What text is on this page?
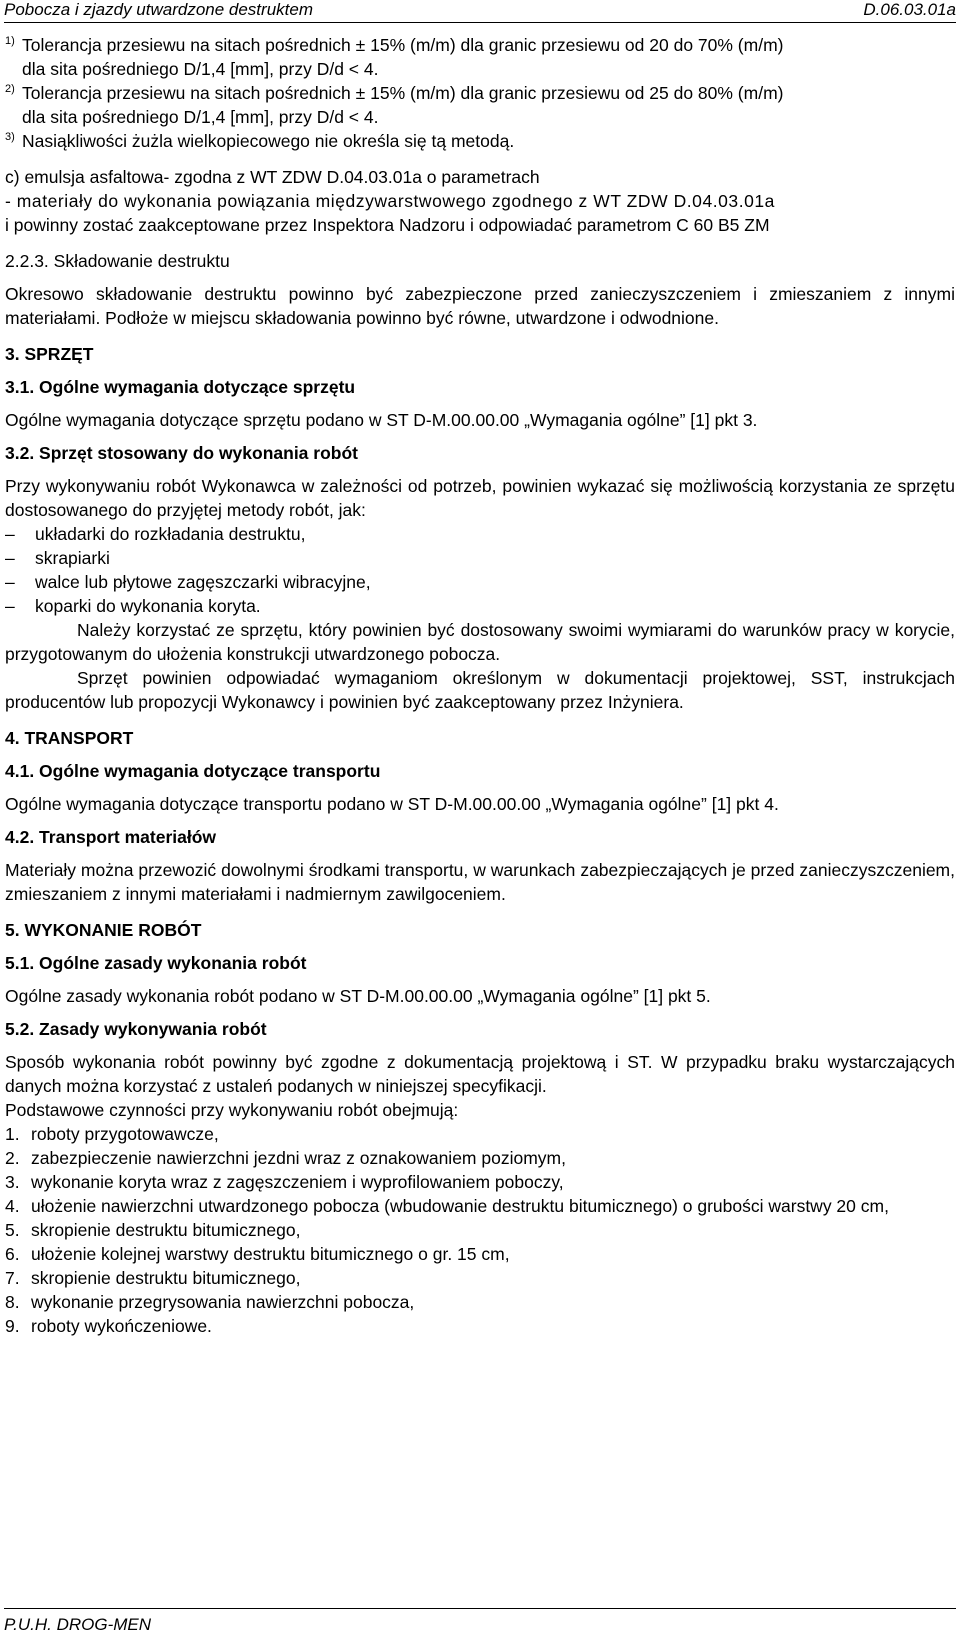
Pobocza i zjazdy utwardzone destruktem	D.06.03.01a
1) Tolerancja przesiewu na sitach pośrednich ± 15% (m/m) dla granic przesiewu od 20 do 70% (m/m)
dla sita pośredniego D/1,4 [mm], przy D/d < 4.
2) Tolerancja przesiewu na sitach pośrednich ± 15% (m/m) dla granic przesiewu od 25 do 80% (m/m)
dla sita pośredniego D/1,4 [mm], przy D/d < 4.
3) Nasiąkliwości żużla wielkopiecowego nie określa się tą metodą.

c) emulsja asfaltowa- zgodna z WT ZDW D.04.03.01a o parametrach

- materiały do wykonania powiązania międzywarstwowego zgodnego z WT ZDW D.04.03.01a

i powinny zostać zaakceptowane przez Inspektora Nadzoru i odpowiadać parametrom C 60 B5 ZM

2.2.3. Składowanie destruktu

Okresowo składowanie destruktu powinno być zabezpieczone przed zanieczyszczeniem i zmieszaniem z innymi materiałami. Podłoże w miejscu składowania powinno być równe, utwardzone i odwodnione.

3. SPRZĘT

3.1. Ogólne wymagania dotyczące sprzętu

Ogólne wymagania dotyczące sprzętu podano w ST D-M.00.00.00 „Wymagania ogólne” [1] pkt 3.

3.2. Sprzęt stosowany do wykonania robót

Przy wykonywaniu robót Wykonawca w zależności od potrzeb, powinien wykazać się możliwością korzystania ze sprzętu dostosowanego do przyjętej metody robót, jak:

– układarki do rozkładania destruktu,
– skrapiarki
– walce lub płytowe zagęszczarki wibracyjne,
– koparki do wykonania koryta.

Należy korzystać ze sprzętu, który powinien być dostosowany swoimi wymiarami do warunków pracy w korycie, przygotowanym do ułożenia konstrukcji utwardzonego pobocza.

Sprzęt powinien odpowiadać wymaganiom określonym w dokumentacji projektowej, SST, instrukcjach producentów lub propozycji Wykonawcy i powinien być zaakceptowany przez Inżyniera.

4. TRANSPORT

4.1. Ogólne wymagania dotyczące transportu

Ogólne wymagania dotyczące transportu podano w ST D-M.00.00.00 „Wymagania ogólne” [1] pkt 4.

4.2. Transport materiałów

Materiały można przewozić dowolnymi środkami transportu, w warunkach zabezpieczających je przed zanieczyszczeniem, zmieszaniem z innymi materiałami i nadmiernym zawilgoceniem.

5. WYKONANIE ROBÓT

5.1. Ogólne zasady wykonania robót

Ogólne zasady wykonania robót podano w ST D-M.00.00.00 „Wymagania ogólne” [1] pkt 5.

5.2. Zasady wykonywania robót

Sposób wykonania robót powinny być zgodne z dokumentacją projektową i ST. W przypadku braku wystarczających danych można korzystać z ustaleń podanych w niniejszej specyfikacji.

Podstawowe czynności przy wykonywaniu robót obejmują:

1. roboty przygotowawcze,
2. zabezpieczenie nawierzchni jezdni wraz z oznakowaniem poziomym,
3. wykonanie koryta wraz z zagęszczeniem i wyprofilowaniem poboczy,
4. ułożenie nawierzchni utwardzonego pobocza (wbudowanie destruktu bitumicznego) o grubości warstwy 20 cm,
5. skropienie destruktu bitumicznego,
6. ułożenie kolejnej warstwy destruktu bitumicznego o gr. 15 cm,
7. skropienie destruktu bitumicznego,
8. wykonanie przegrysowania nawierzchni pobocza,
9. roboty wykończeniowe.
P.U.H. DROG-MEN
